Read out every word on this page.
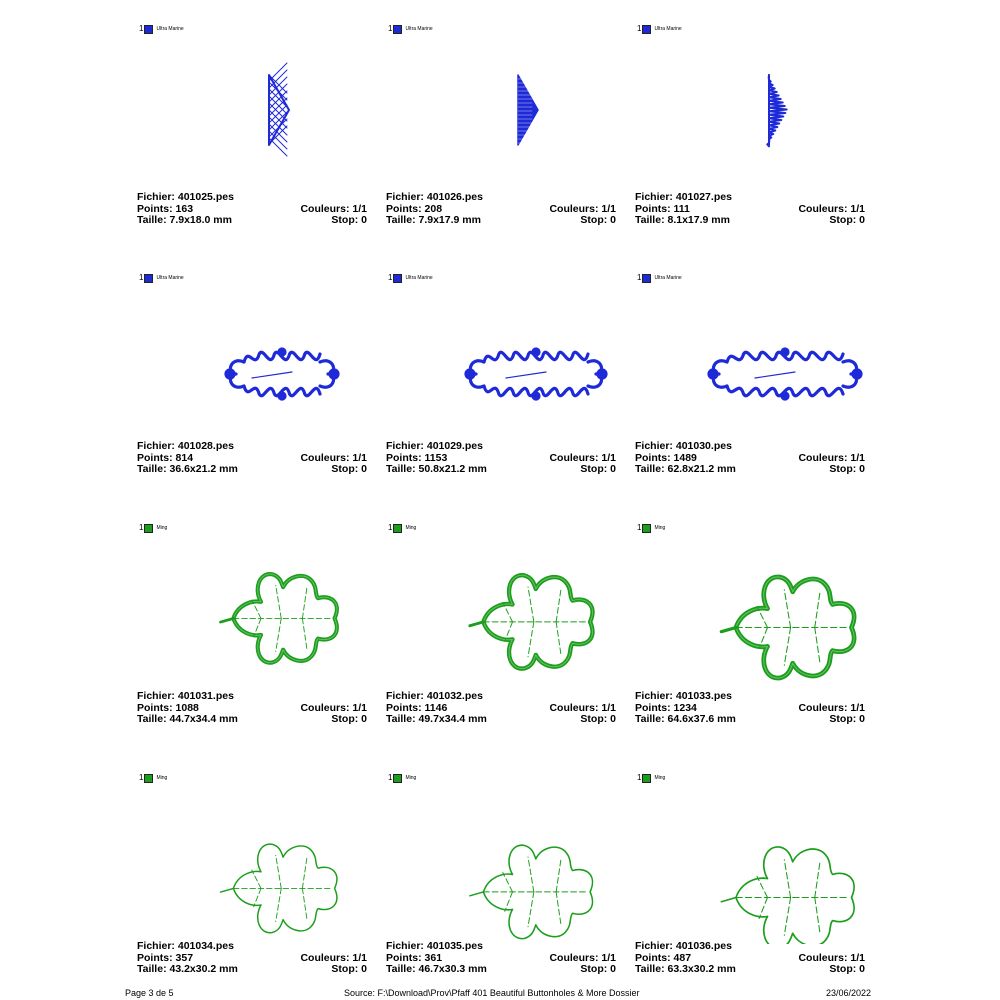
1	Ultra Marine
Fichier: 401025.pes
Points: 163	Couleurs: 1/1
Taille: 7.9x18.0 mm	Stop: 0
1	Ultra Marine
Fichier: 401026.pes
Points: 208	Couleurs: 1/1
Taille: 7.9x17.9 mm	Stop: 0
1	Ultra Marine
Fichier: 401027.pes
Points: 111	Couleurs: 1/1
Taille: 8.1x17.9 mm	Stop: 0
1	Ultra Marine
Fichier: 401028.pes
Points: 814	Couleurs: 1/1
Taille: 36.6x21.2 mm	Stop: 0
1	Ultra Marine
Fichier: 401029.pes
Points: 1153	Couleurs: 1/1
Taille: 50.8x21.2 mm	Stop: 0
1	Ultra Marine
Fichier: 401030.pes
Points: 1489	Couleurs: 1/1
Taille: 62.8x21.2 mm	Stop: 0
1	Ming
Fichier: 401031.pes
Points: 1088	Couleurs: 1/1
Taille: 44.7x34.4 mm	Stop: 0
1	Ming
Fichier: 401032.pes
Points: 1146	Couleurs: 1/1
Taille: 49.7x34.4 mm	Stop: 0
1	Ming
Fichier: 401033.pes
Points: 1234	Couleurs: 1/1
Taille: 64.6x37.6 mm	Stop: 0
1	Ming
Fichier: 401034.pes
Points: 357	Couleurs: 1/1
Taille: 43.2x30.2 mm	Stop: 0
1	Ming
Fichier: 401035.pes
Points: 361	Couleurs: 1/1
Taille: 46.7x30.3 mm	Stop: 0
1	Ming
Fichier: 401036.pes
Points: 487	Couleurs: 1/1
Taille: 63.3x30.2 mm	Stop: 0
Page 3 de 5	Source: F:\Download\Prov\Pfaff 401 Beautiful Buttonholes & More Dossier	23/06/2022
